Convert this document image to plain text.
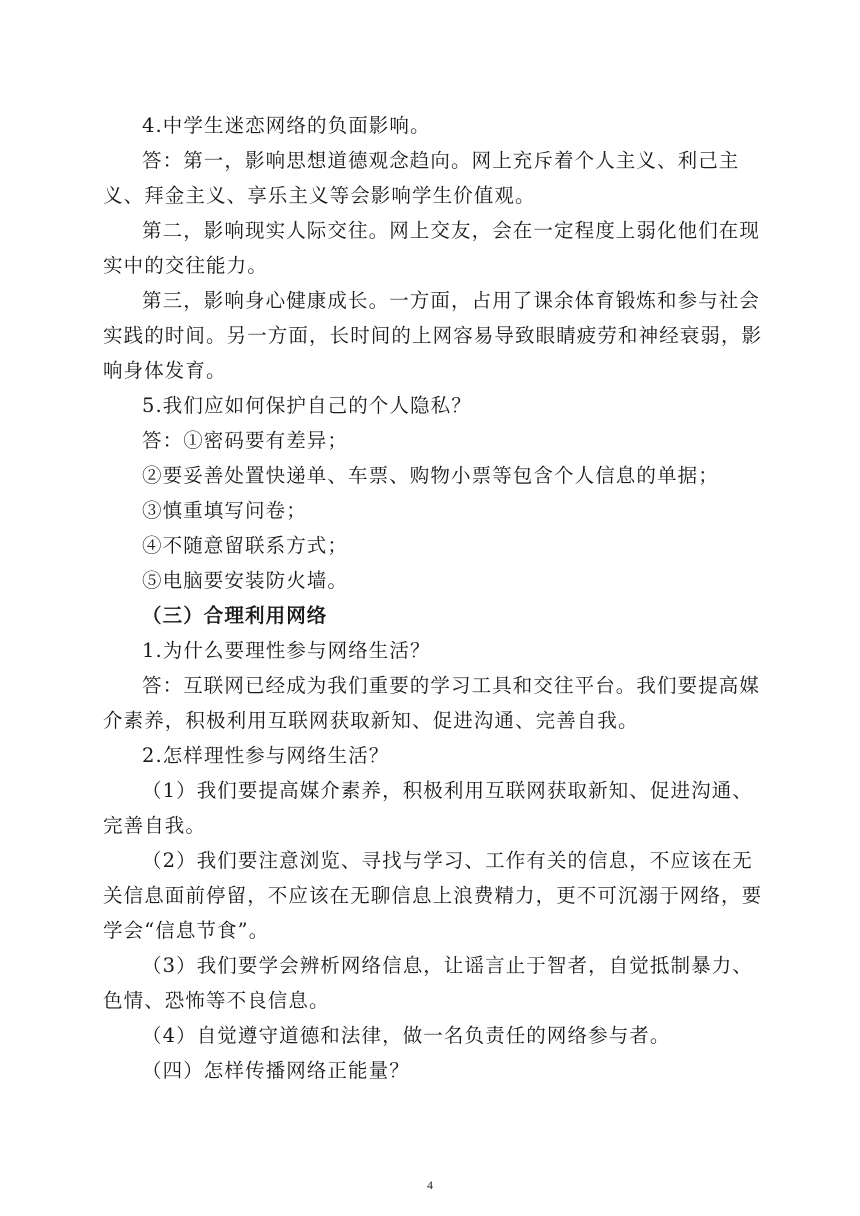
4.中学生迷恋网络的负面影响。

答：第一，影响思想道德观念趋向。网上充斥着个人主义、利己主义、拜金主义、享乐主义等会影响学生价值观。

第二，影响现实人际交往。网上交友，会在一定程度上弱化他们在现实中的交往能力。

第三，影响身心健康成长。一方面，占用了课余体育锻炼和参与社会实践的时间。另一方面，长时间的上网容易导致眼睛疲劳和神经衰弱，影响身体发育。

5.我们应如何保护自己的个人隐私？

答：①密码要有差异；

②要妥善处置快递单、车票、购物小票等包含个人信息的单据；

③慎重填写问卷；

④不随意留联系方式；

⑤电脑要安装防火墙。

（三）合理利用网络

1.为什么要理性参与网络生活？

答：互联网已经成为我们重要的学习工具和交往平台。我们要提高媒介素养，积极利用互联网获取新知、促进沟通、完善自我。

2.怎样理性参与网络生活？

（1）我们要提高媒介素养，积极利用互联网获取新知、促进沟通、完善自我。

（2）我们要注意浏览、寻找与学习、工作有关的信息，不应该在无关信息面前停留，不应该在无聊信息上浪费精力，更不可沉溺于网络，要学会“信息节食”。

（3）我们要学会辨析网络信息，让谣言止于智者，自觉抵制暴力、色情、恐怖等不良信息。

（4）自觉遵守道德和法律，做一名负责任的网络参与者。

（四）怎样传播网络正能量？

4
